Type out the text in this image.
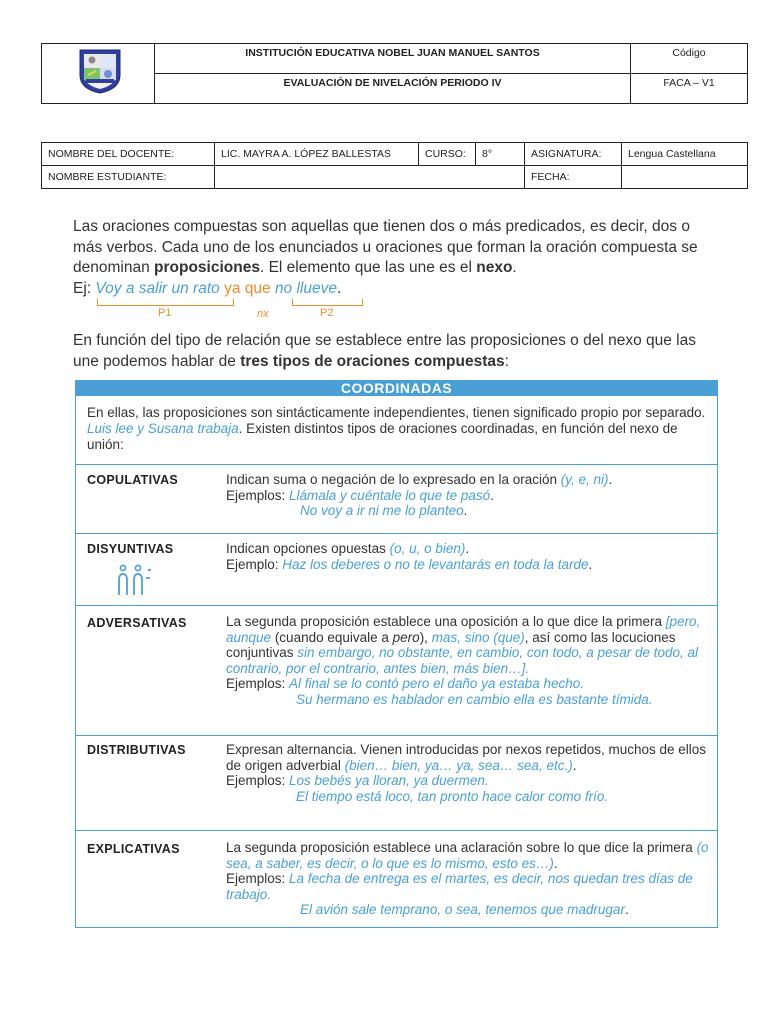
INSTITUCIÓN EDUCATIVA NOBEL JUAN MANUEL SANTOS
EVALUACIÓN DE NIVELACIÓN PERIODO IV
Código
FACA – V1
NOMBRE DEL DOCENTE:	LIC. MAYRA A. LÓPEZ BALLESTAS	CURSO:	8°	ASIGNATURA:	Lengua Castellana
NOMBRE ESTUDIANTE:				FECHA:	
Las oraciones compuestas son aquellas que tienen dos o más predicados, es decir, dos o más verbos. Cada uno de los enunciados u oraciones que forman la oración compuesta se denominan proposiciones. El elemento que las une es el nexo.
Ej: Voy a salir un rato ya que no llueve.
P1	nx	P2
En función del tipo de relación que se establece entre las proposiciones o del nexo que las une podemos hablar de tres tipos de oraciones compuestas:
COORDINADAS
En ellas, las proposiciones son sintácticamente independientes, tienen significado propio por separado. Luis lee y Susana trabaja. Existen distintos tipos de oraciones coordinadas, en función del nexo de unión:
COPULATIVAS	Indican suma o negación de lo expresado en la oración (y, e, ni).
Ejemplos: Llámala y cuéntale lo que te pasó.
No voy a ir ni me lo planteo.
DISYUNTIVAS	Indican opciones opuestas (o, u, o bien).
Ejemplo: Haz los deberes o no te levantarás en toda la tarde.
ADVERSATIVAS	La segunda proposición establece una oposición a lo que dice la primera [pero, aunque (cuando equivale a pero), mas, sino (que), así como las locuciones conjuntivas sin embargo, no obstante, en cambio, con todo, a pesar de todo, al contrario, por el contrario, antes bien, más bien…].
Ejemplos: Al final se lo contó pero el daño ya estaba hecho.
Su hermano es hablador en cambio ella es bastante tímida.
DISTRIBUTIVAS	Expresan alternancia. Vienen introducidas por nexos repetidos, muchos de ellos de origen adverbial (bien… bien, ya… ya, sea… sea, etc.).
Ejemplos: Los bebés ya lloran, ya duermen.
El tiempo está loco, tan pronto hace calor como frío.
EXPLICATIVAS	La segunda proposición establece una aclaración sobre lo que dice la primera (o sea, a saber, es decir, o lo que es lo mismo, esto es…).
Ejemplos: La fecha de entrega es el martes, es decir, nos quedan tres días de trabajo.
El avión sale temprano, o sea, tenemos que madrugar.
